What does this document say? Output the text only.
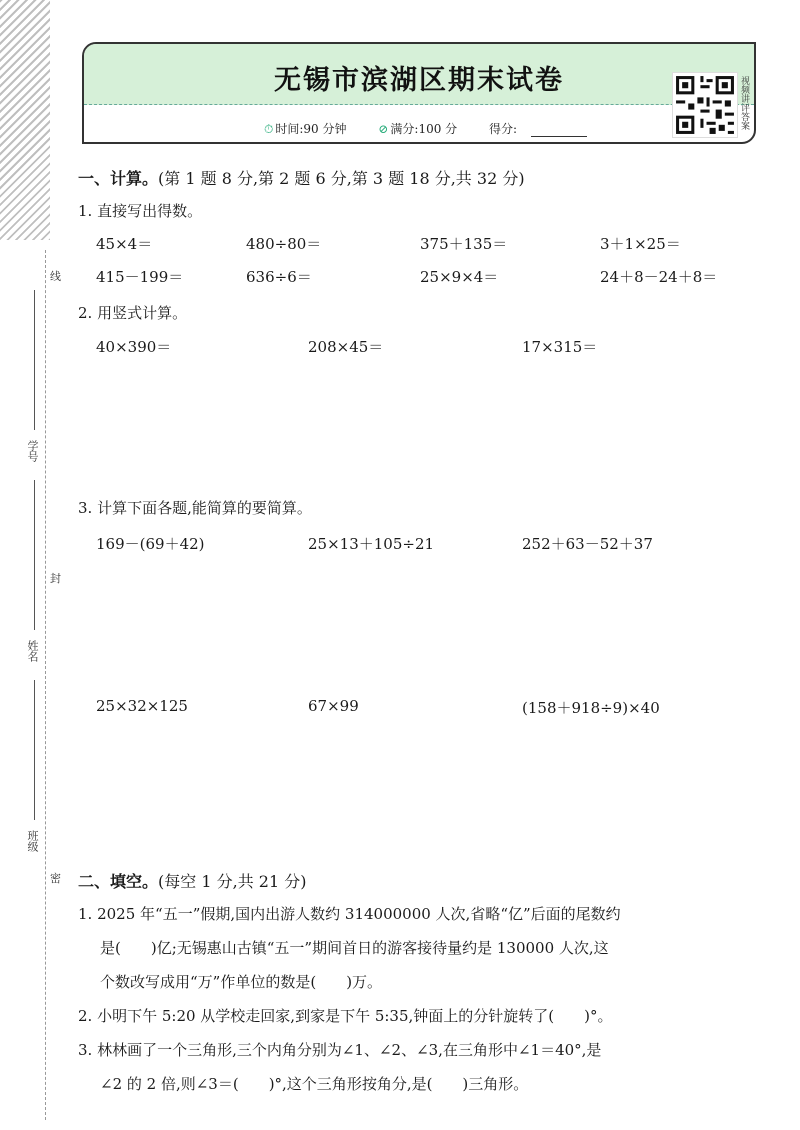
线
学号
封
姓名
班级
密
无锡市滨湖区期末试卷
⏱ 时间:90 分钟	⊘ 满分:100 分	得分:	视频讲评答案
一、计算。(第 1 题 8 分,第 2 题 6 分,第 3 题 18 分,共 32 分)
1. 直接写出得数。
45×4＝	480÷80＝	375＋135＝	3＋1×25＝
415－199＝	636÷6＝	25×9×4＝	24＋8－24＋8＝
2. 用竖式计算。
40×390＝	208×45＝	17×315＝
3. 计算下面各题,能简算的要简算。
169－(69＋42)	25×13＋105÷21	252＋63－52＋37
25×32×125	67×99	(158＋918÷9)×40
二、填空。(每空 1 分,共 21 分)
1. 2025 年“五一”假期,国内出游人数约 314000000 人次,省略“亿”后面的尾数约
是(　　)亿;无锡惠山古镇“五一”期间首日的游客接待量约是 130000 人次,这
个数改写成用“万”作单位的数是(　　)万。
2. 小明下午 5:20 从学校走回家,到家是下午 5:35,钟面上的分针旋转了(　　)°。
3. 林林画了一个三角形,三个内角分别为∠1、∠2、∠3,在三角形中∠1＝40°,是
∠2 的 2 倍,则∠3＝(　　)°,这个三角形按角分,是(　　)三角形。
